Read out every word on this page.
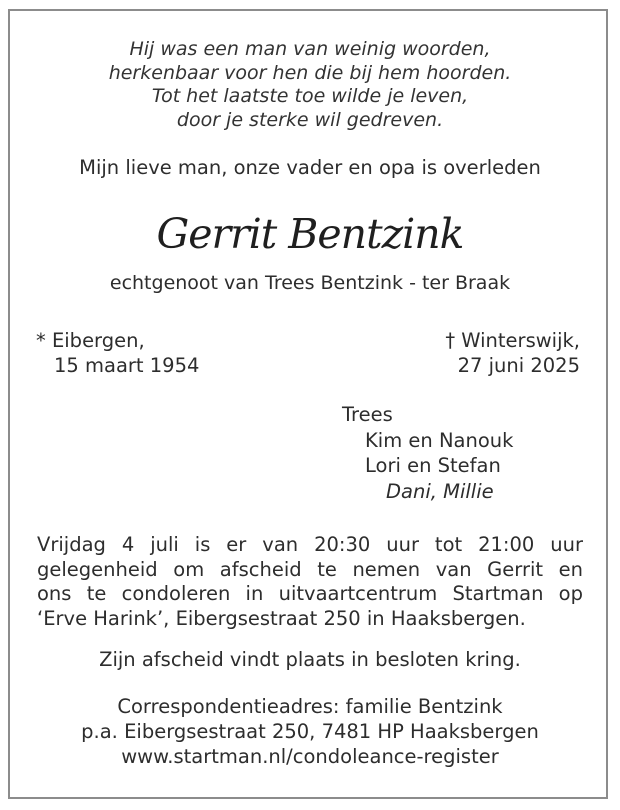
Hij was een man van weinig woorden,
herkenbaar voor hen die bij hem hoorden.
Tot het laatste toe wilde je leven,
door je sterke wil gedreven.
Mijn lieve man, onze vader en opa is overleden
Gerrit Bentzink
echtgenoot van Trees Bentzink - ter Braak
* Eibergen,
15 maart 1954
† Winterswijk,
27 juni 2025
Trees
Kim en Nanouk
Lori en Stefan
Dani, Millie
Vrijdag 4 juli is er van 20:30 uur tot 21:00 uur
gelegenheid om afscheid te nemen van Gerrit en
ons te condoleren in uitvaartcentrum Startman op
‘Erve Harink’, Eibergsestraat 250 in Haaksbergen.
Zijn afscheid vindt plaats in besloten kring.
Correspondentieadres: familie Bentzink
p.a. Eibergsestraat 250, 7481 HP Haaksbergen
www.startman.nl/condoleance-register
